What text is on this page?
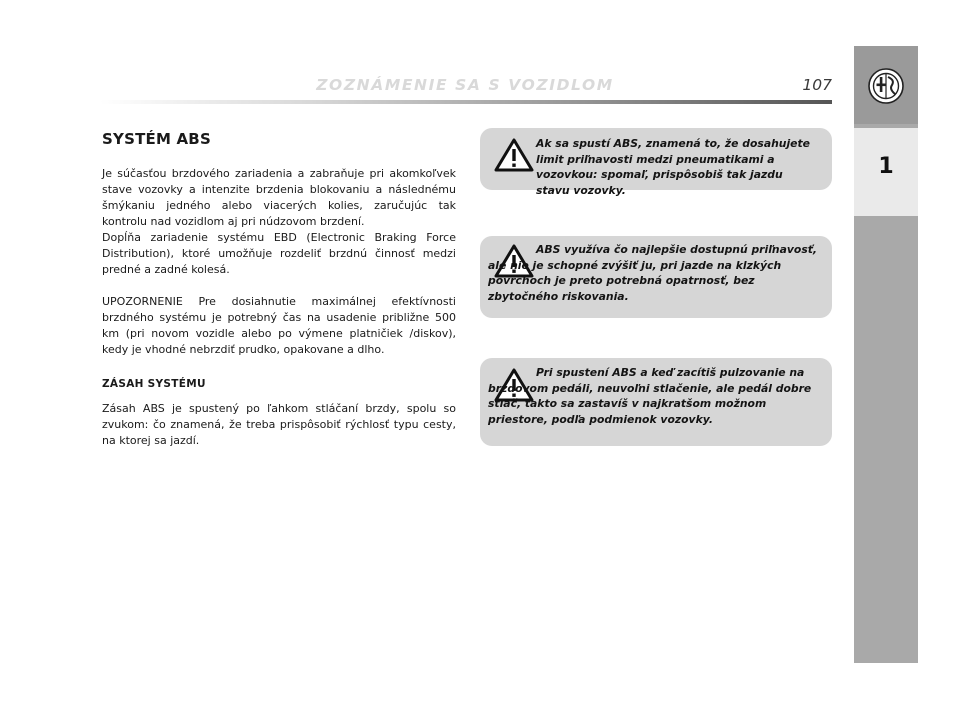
ZOZNÁMENIE SA S VOZIDLOM	107
1
SYSTÉM ABS

Je súčasťou brzdového zariadenia a zabraňuje pri akomkoľvek stave vozovky a intenzite brzdenia blokovaniu a následnému šmýkaniu jedného alebo viacerých kolies, zaručujúc tak kontrolu nad vozidlom aj pri núdzovom brzdení.

Dopĺňa zariadenie systému EBD (Electronic Braking Force Distribution), ktoré umožňuje rozdeliť brzdnú činnosť medzi predné a zadné kolesá.

UPOZORNENIE Pre dosiahnutie maximálnej efektívnosti brzdného systému je potrebný čas na usadenie približne 500 km (pri novom vozidle alebo po výmene platničiek /diskov), kedy je vhodné nebrzdiť prudko, opakovane a dlho.

ZÁSAH SYSTÉMU

Zásah ABS je spustený po ľahkom stláčaní brzdy, spolu so zvukom: čo znamená, že treba prispôsobiť rýchlosť typu cesty, na ktorej sa jazdí.

Ak sa spustí ABS, znamená to, že dosahujete limit priľnavosti medzi pneumatikami a vozovkou: spomaľ, prispôsobiš tak jazdu stavu vozovky.
ABS využíva čo najlepšie dostupnú priľnavosť, ale nie je schopné zvýšiť ju, pri jazde na klzkých povrchoch je preto potrebná opatrnosť, bez zbytočného riskovania.
Pri spustení ABS a keď zacítiš pulzovanie na brzdovom pedáli, neuvoľni stlačenie, ale pedál dobre stlač, takto sa zastavíš v najkratšom možnom priestore, podľa podmienok vozovky.
